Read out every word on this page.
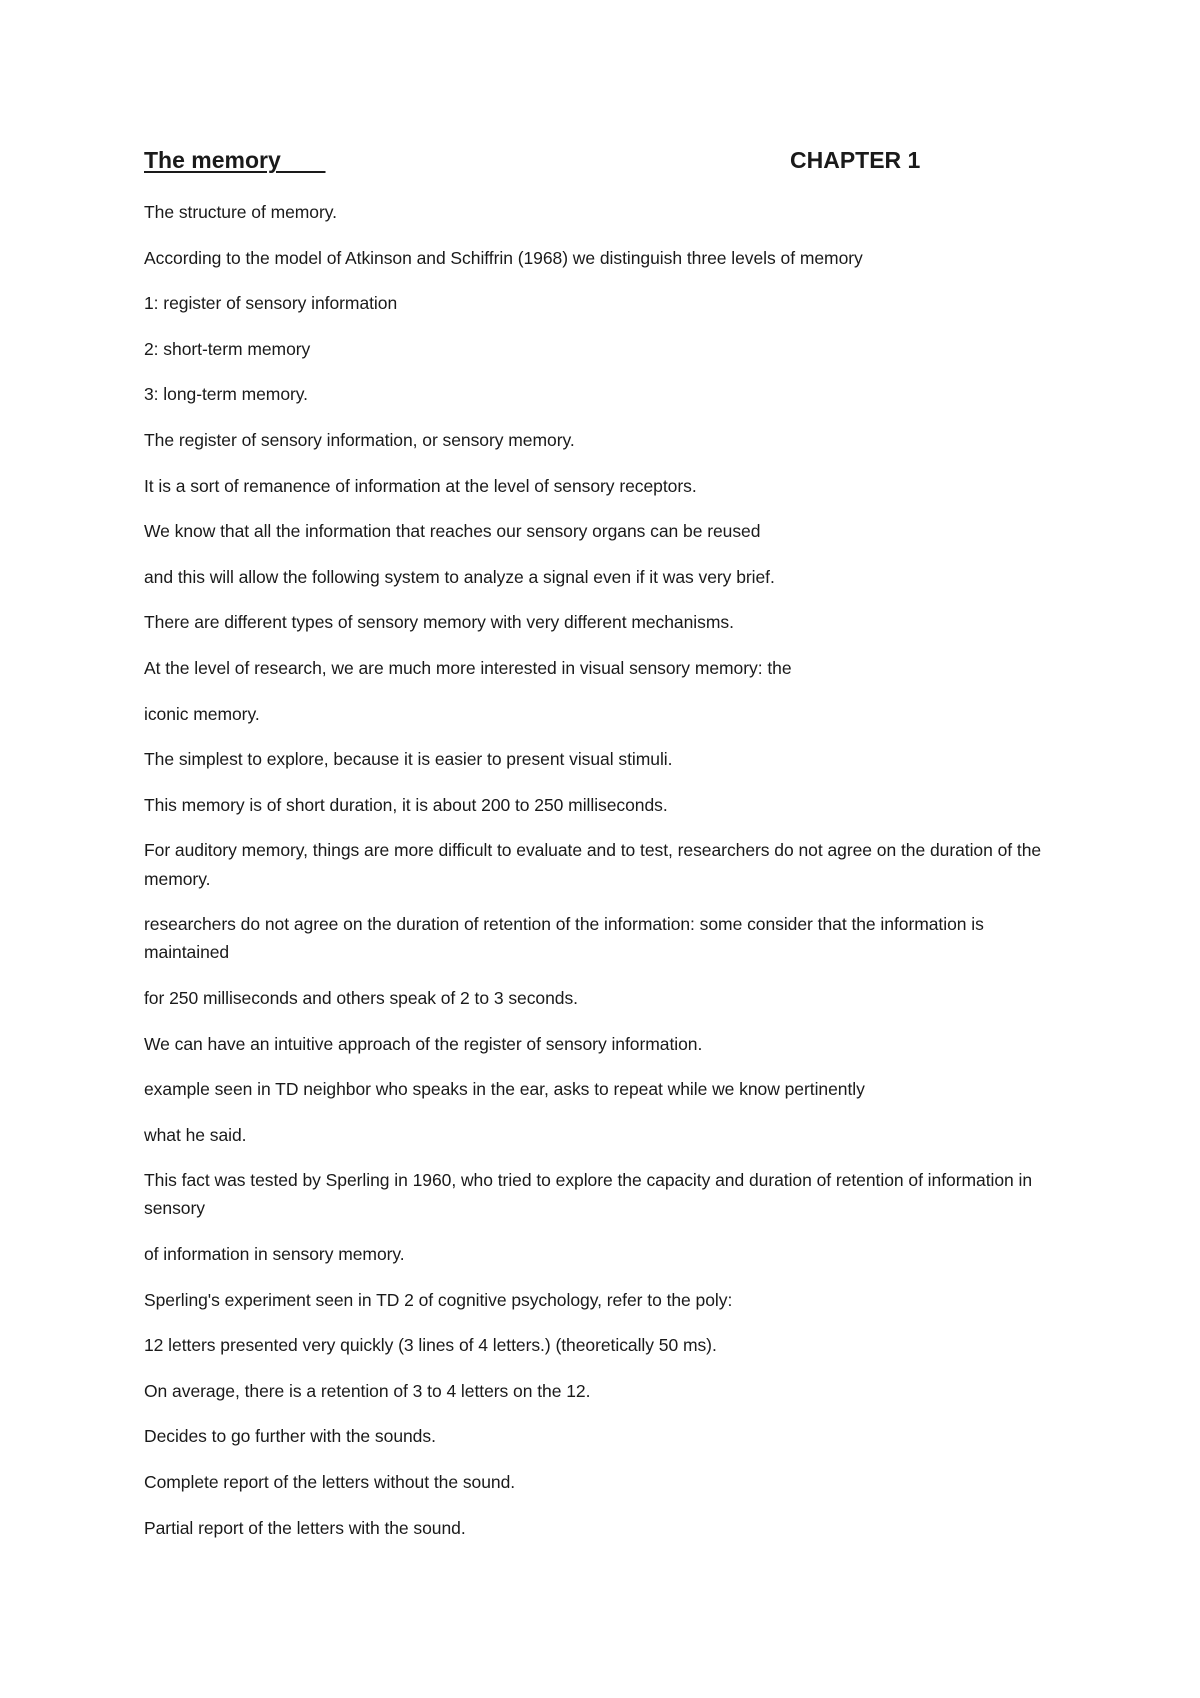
The memory	CHAPTER 1

The structure of memory.

According to the model of Atkinson and Schiffrin (1968) we distinguish three levels of memory

1: register of sensory information

2: short-term memory

3: long-term memory.

The register of sensory information, or sensory memory.

It is a sort of remanence of information at the level of sensory receptors.

We know that all the information that reaches our sensory organs can be reused

and this will allow the following system to analyze a signal even if it was very brief.

There are different types of sensory memory with very different mechanisms.

At the level of research, we are much more interested in visual sensory memory: the

iconic memory.

The simplest to explore, because it is easier to present visual stimuli.

This memory is of short duration, it is about 200 to 250 milliseconds.

For auditory memory, things are more difficult to evaluate and to test, researchers do not agree on the duration of the memory.

researchers do not agree on the duration of retention of the information: some consider that the information is maintained

for 250 milliseconds and others speak of 2 to 3 seconds.

We can have an intuitive approach of the register of sensory information.

example seen in TD neighbor who speaks in the ear, asks to repeat while we know pertinently

what he said.

This fact was tested by Sperling in 1960, who tried to explore the capacity and duration of retention of information in sensory

of information in sensory memory.

Sperling's experiment seen in TD 2 of cognitive psychology, refer to the poly:

12 letters presented very quickly (3 lines of 4 letters.) (theoretically 50 ms).

On average, there is a retention of 3 to 4 letters on the 12.

Decides to go further with the sounds.

Complete report of the letters without the sound.

Partial report of the letters with the sound.
